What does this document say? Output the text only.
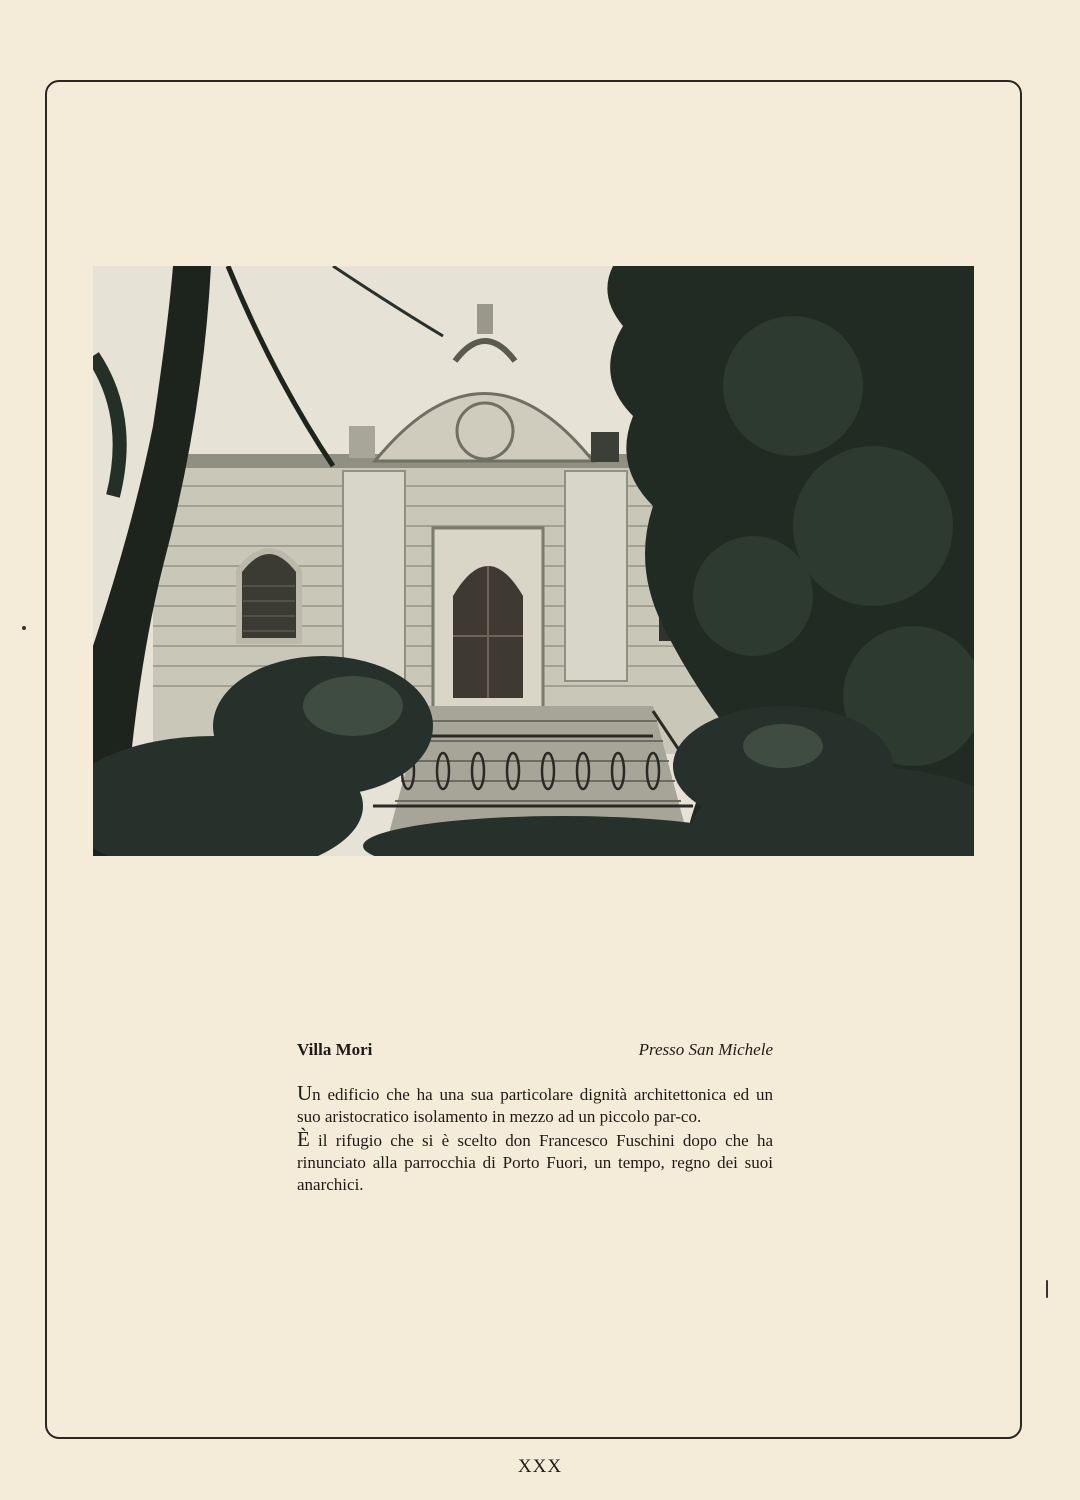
Villa Mori	Presso San Michele

Un edificio che ha una sua particolare dignità architettonica ed un suo aristocratico isolamento in mezzo ad un piccolo par-co.

È il rifugio che si è scelto don Francesco Fuschini dopo che ha rinunciato alla parrocchia di Porto Fuori, un tempo, regno dei suoi anarchici.

XXX
